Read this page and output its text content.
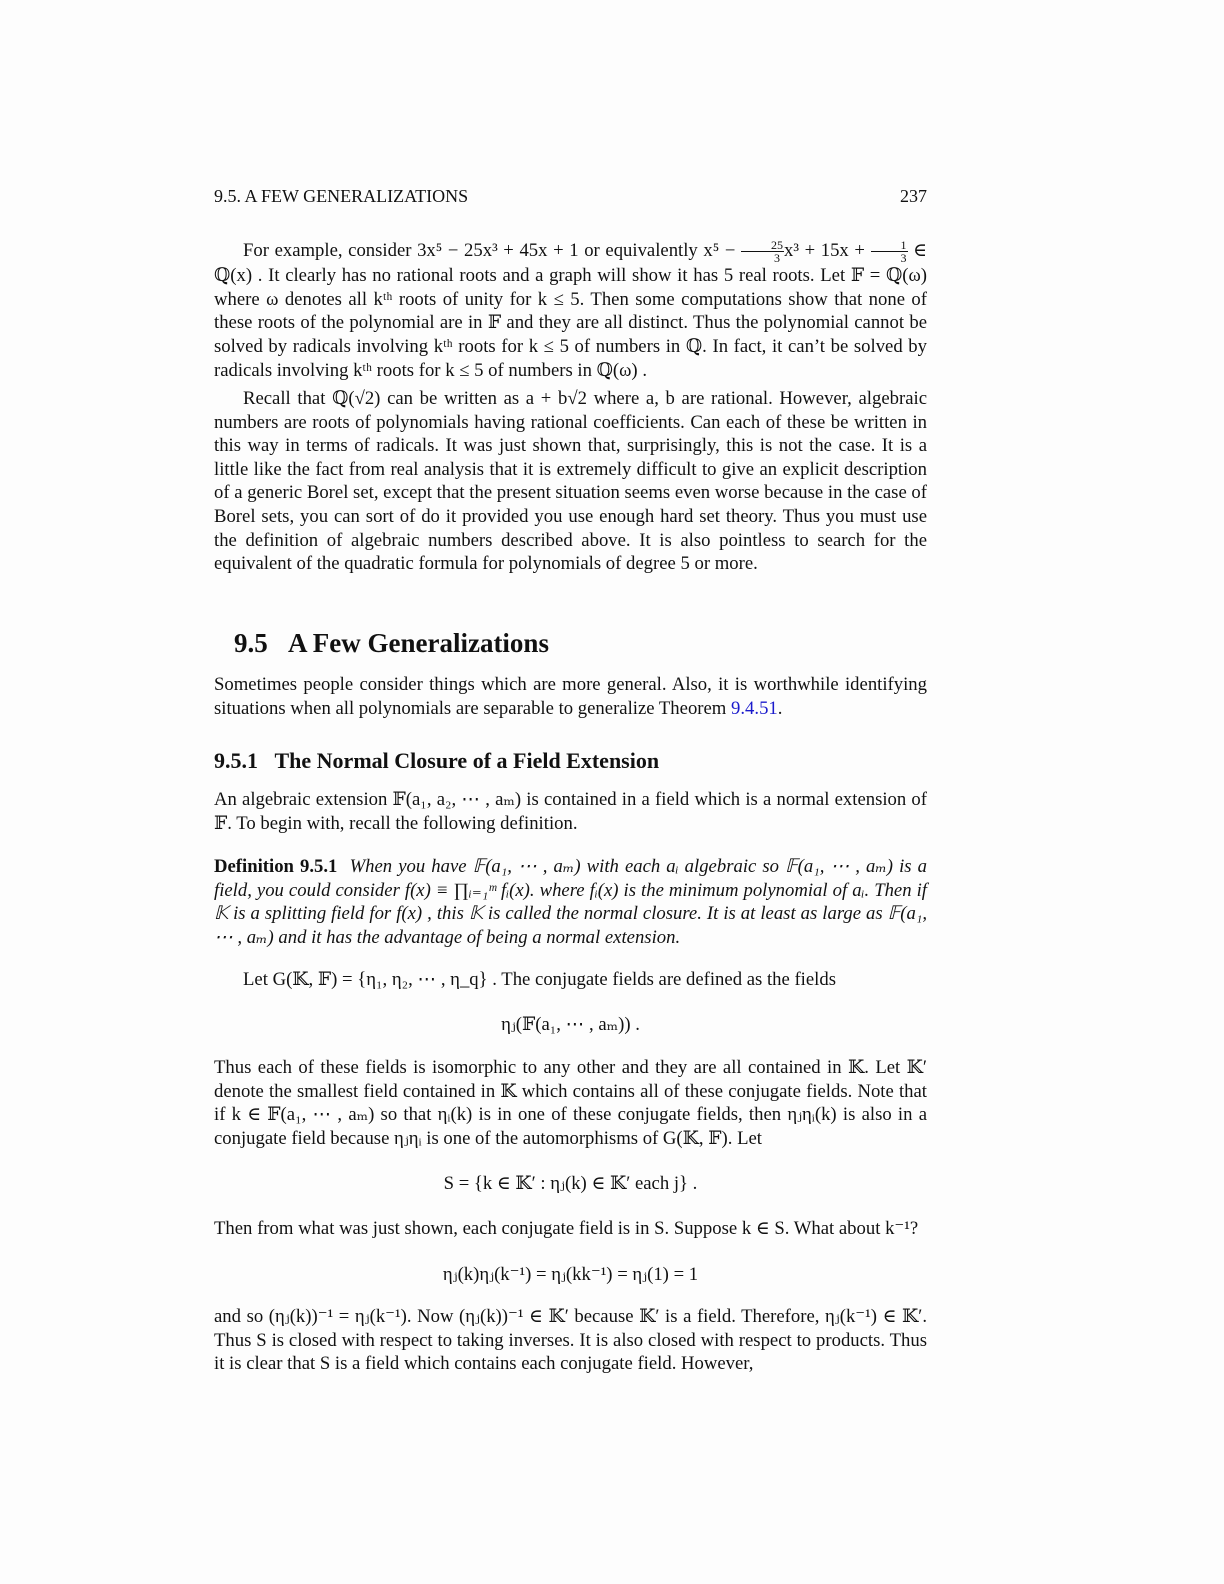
9.5. A FEW GENERALIZATIONS	237
For example, consider 3x⁵ − 25x³ + 45x + 1 or equivalently $x^5 - \frac{25}{3} x^3 + 15x + \frac{1}{3}$ ∈ ℚ(x) . It clearly has no rational roots and a graph will show it has 5 real roots. Let 𝔽 = ℚ(ω) where ω denotes all kᵗʰ roots of unity for k ≤ 5. Then some computations show that none of these roots of the polynomial are in 𝔽 and they are all distinct. Thus the polynomial cannot be solved by radicals involving kᵗʰ roots for k ≤ 5 of numbers in ℚ. In fact, it can’t be solved by radicals involving kᵗʰ roots for k ≤ 5 of numbers in ℚ(ω) .
Recall that ℚ(√2) can be written as a + b√2 where a, b are rational. However, algebraic numbers are roots of polynomials having rational coefficients. Can each of these be written in this way in terms of radicals. It was just shown that, surprisingly, this is not the case. It is a little like the fact from real analysis that it is extremely difficult to give an explicit description of a generic Borel set, except that the present situation seems even worse because in the case of Borel sets, you can sort of do it provided you use enough hard set theory. Thus you must use the definition of algebraic numbers described above. It is also pointless to search for the equivalent of the quadratic formula for polynomials of degree 5 or more.
9.5 A Few Generalizations
Sometimes people consider things which are more general. Also, it is worthwhile identifying situations when all polynomials are separable to generalize Theorem 9.4.51.
9.5.1 The Normal Closure of a Field Extension
An algebraic extension 𝔽(a₁, a₂, ⋯ , aₘ) is contained in a field which is a normal extension of 𝔽. To begin with, recall the following definition.
Definition 9.5.1 When you have 𝔽(a₁, ⋯ , aₘ) with each aᵢ algebraic so 𝔽(a₁, ⋯ , aₘ) is a field, you could consider f(x) ≡ ∏ᵢ₌₁ᵐ fᵢ(x). where fᵢ(x) is the minimum polynomial of aᵢ. Then if 𝕂 is a splitting field for f(x) , this 𝕂 is called the normal closure. It is at least as large as 𝔽(a₁, ⋯ , aₘ) and it has the advantage of being a normal extension.
Let G(𝕂, 𝔽) = {η₁, η₂, ⋯ , η_q} . The conjugate fields are defined as the fields
ηⱼ(𝔽(a₁, ⋯ , aₘ)) .
Thus each of these fields is isomorphic to any other and they are all contained in 𝕂. Let 𝕂′ denote the smallest field contained in 𝕂 which contains all of these conjugate fields. Note that if k ∈ 𝔽(a₁, ⋯ , aₘ) so that ηᵢ(k) is in one of these conjugate fields, then ηⱼηᵢ(k) is also in a conjugate field because ηⱼηᵢ is one of the automorphisms of G(𝕂, 𝔽). Let
S = {k ∈ 𝕂′ : ηⱼ(k) ∈ 𝕂′ each j} .
Then from what was just shown, each conjugate field is in S. Suppose k ∈ S. What about k⁻¹?
ηⱼ(k)ηⱼ(k⁻¹) = ηⱼ(kk⁻¹) = ηⱼ(1) = 1
and so (ηⱼ(k))⁻¹ = ηⱼ(k⁻¹). Now (ηⱼ(k))⁻¹ ∈ 𝕂′ because 𝕂′ is a field. Therefore, ηⱼ(k⁻¹) ∈ 𝕂′. Thus S is closed with respect to taking inverses. It is also closed with respect to products. Thus it is clear that S is a field which contains each conjugate field. However,
